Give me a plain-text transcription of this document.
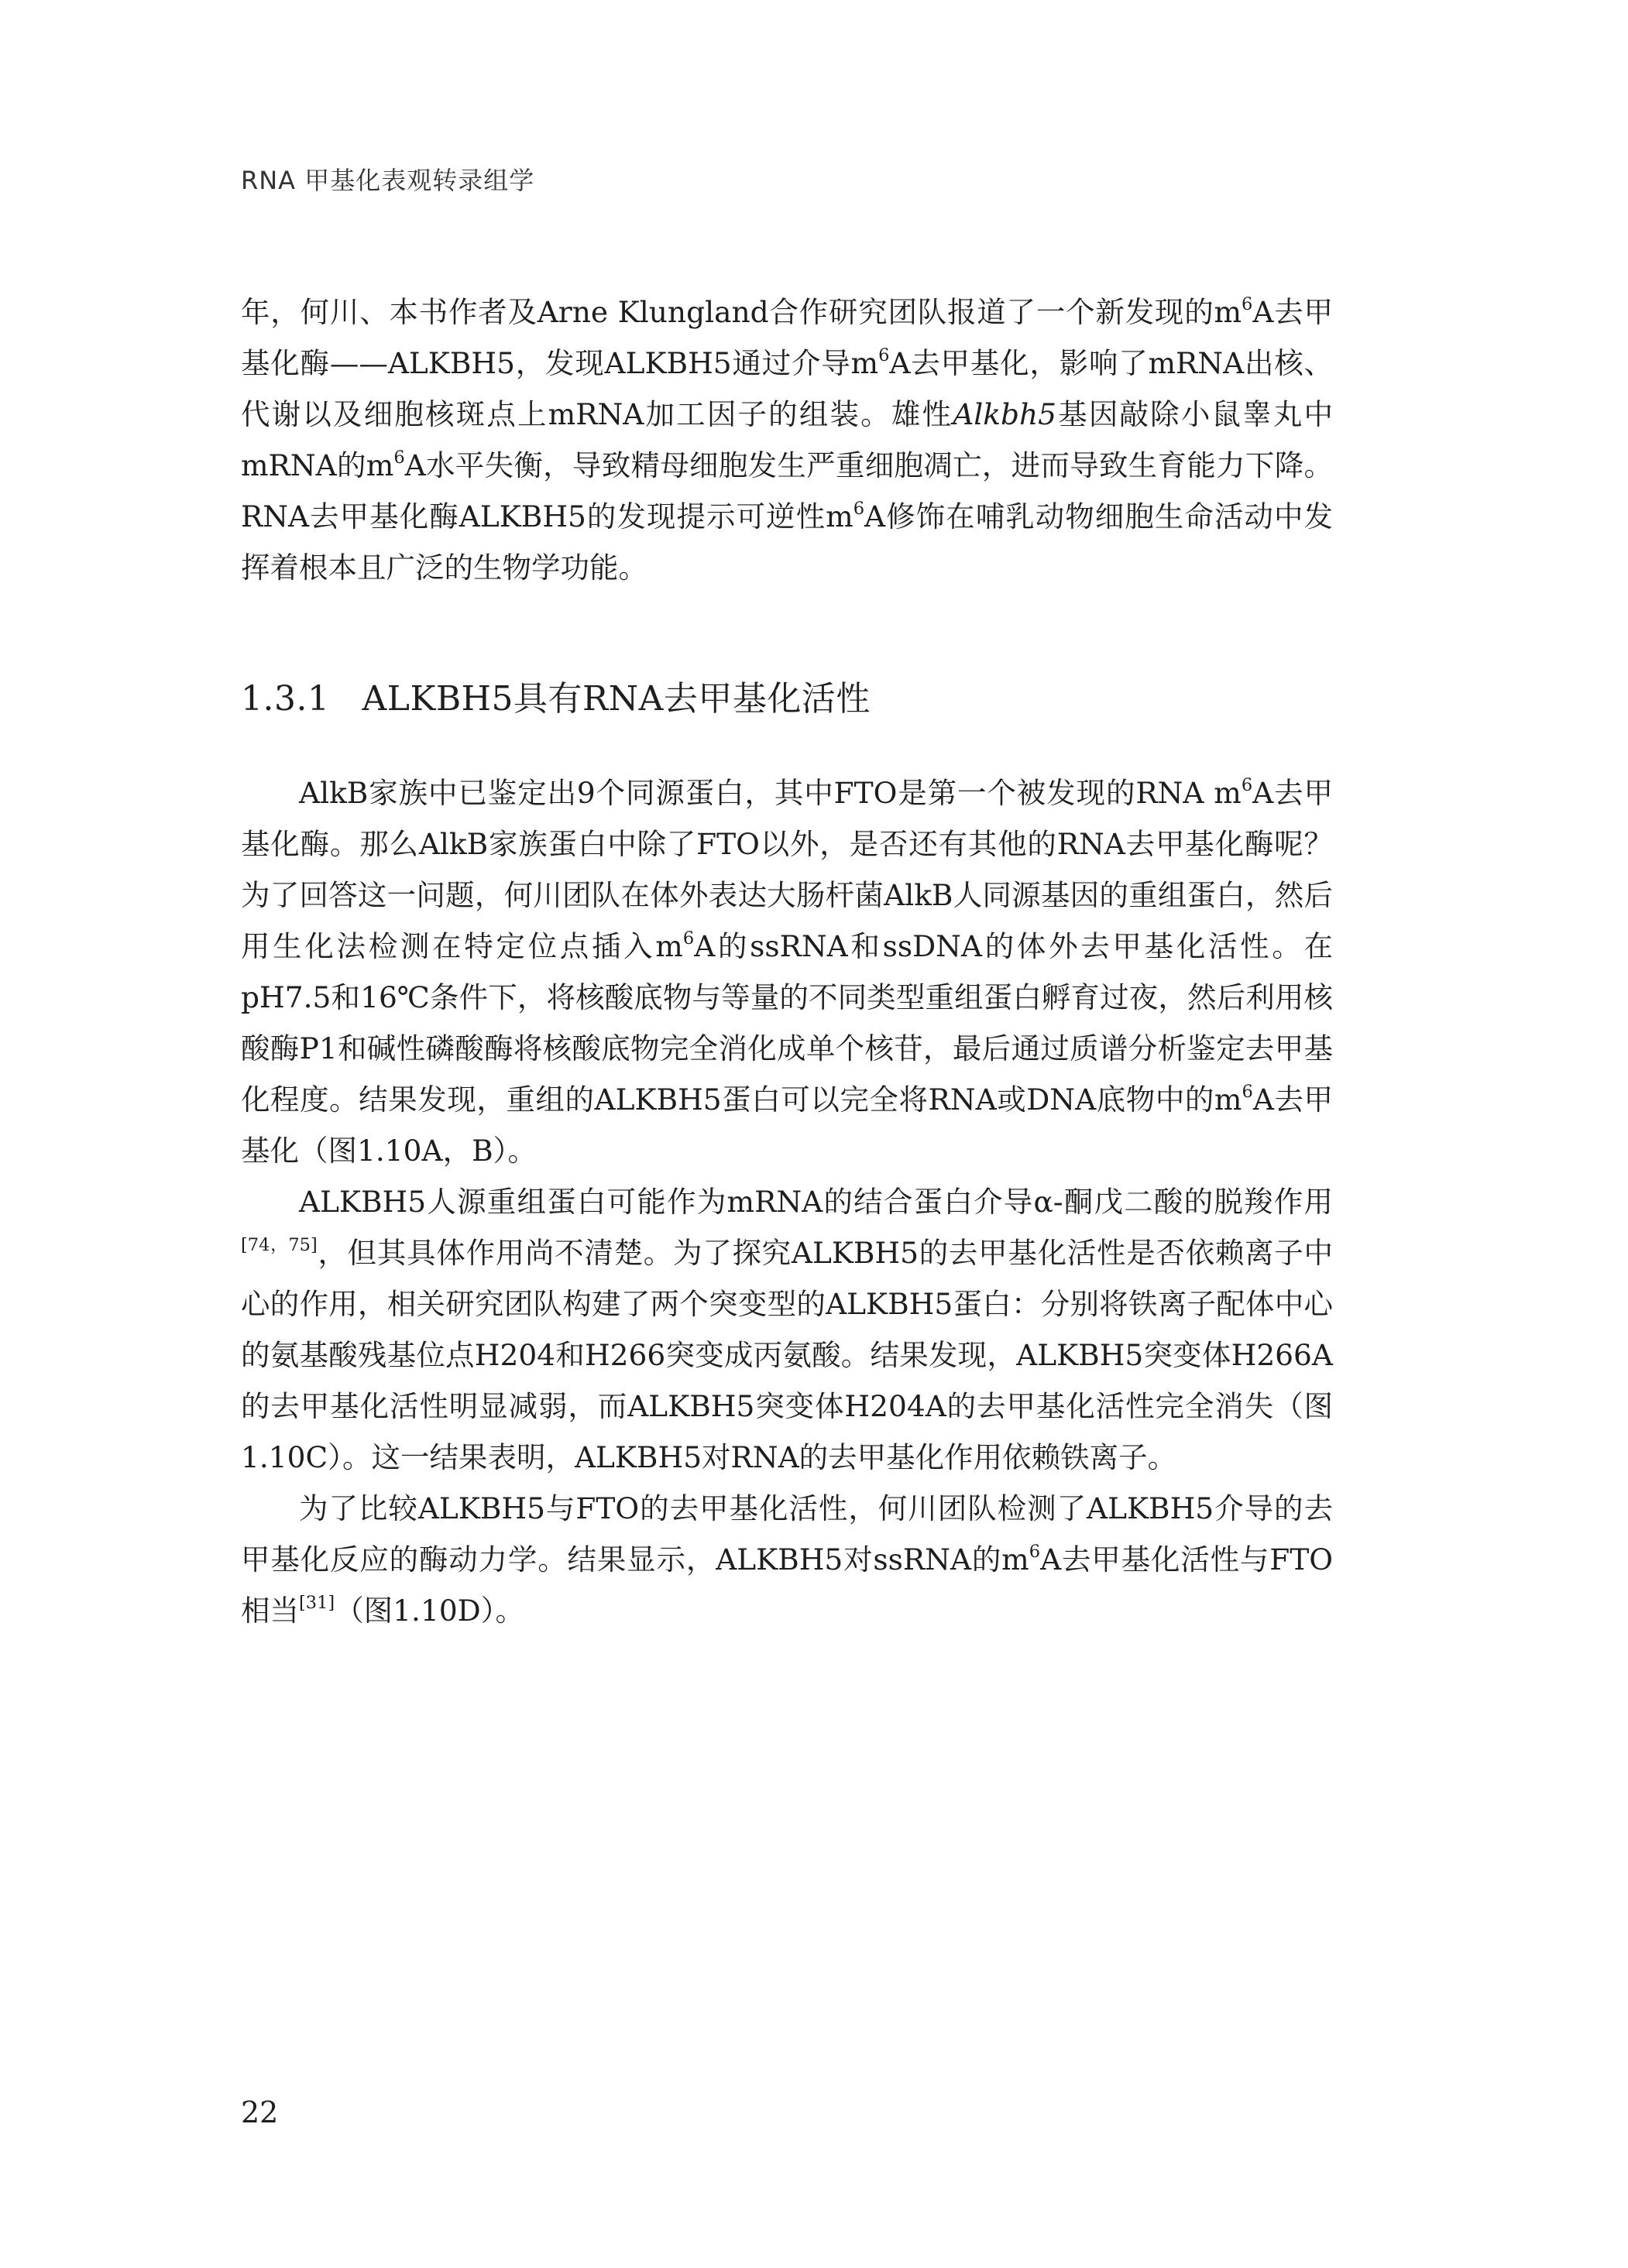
RNA 甲基化表观转录组学

年，何川、本书作者及Arne Klungland合作研究团队报道了一个新发现的$m^6A$去甲基化酶——ALKBH5，发现ALKBH5通过介导$m^6A$去甲基化，影响了mRNA出核、代谢以及细胞核斑点上mRNA加工因子的组装。雄性Alkbh5基因敲除小鼠睾丸中mRNA的$m^6A$水平失衡，导致精母细胞发生严重细胞凋亡，进而导致生育能力下降。RNA去甲基化酶ALKBH5的发现提示可逆性$m^6A$修饰在哺乳动物细胞生命活动中发挥着根本且广泛的生物学功能。

1.3.1 ALKBH5具有RNA去甲基化活性

AlkB家族中已鉴定出9个同源蛋白，其中FTO是第一个被发现的RNA $m^6A$去甲基化酶。那么AlkB家族蛋白中除了FTO以外，是否还有其他的RNA去甲基化酶呢？为了回答这一问题，何川团队在体外表达大肠杆菌AlkB人同源基因的重组蛋白，然后用生化法检测在特定位点插入$m^6A$的ssRNA和ssDNA的体外去甲基化活性。在pH7.5和16℃条件下，将核酸底物与等量的不同类型重组蛋白孵育过夜，然后利用核酸酶P1和碱性磷酸酶将核酸底物完全消化成单个核苷，最后通过质谱分析鉴定去甲基化程度。结果发现，重组的ALKBH5蛋白可以完全将RNA或DNA底物中的$m^6A$去甲基化（图1.10A，B）。

ALKBH5人源重组蛋白可能作为mRNA的结合蛋白介导α-酮戊二酸的脱羧作用[74，75]，但其具体作用尚不清楚。为了探究ALKBH5的去甲基化活性是否依赖离子中心的作用，相关研究团队构建了两个突变型的ALKBH5蛋白：分别将铁离子配体中心的氨基酸残基位点H204和H266突变成丙氨酸。结果发现，ALKBH5突变体H266A的去甲基化活性明显减弱，而ALKBH5突变体H204A的去甲基化活性完全消失（图1.10C）。这一结果表明，ALKBH5对RNA的去甲基化作用依赖铁离子。

为了比较ALKBH5与FTO的去甲基化活性，何川团队检测了ALKBH5介导的去甲基化反应的酶动力学。结果显示，ALKBH5对ssRNA的$m^6A$去甲基化活性与FTO相当[31]（图1.10D）。

22
